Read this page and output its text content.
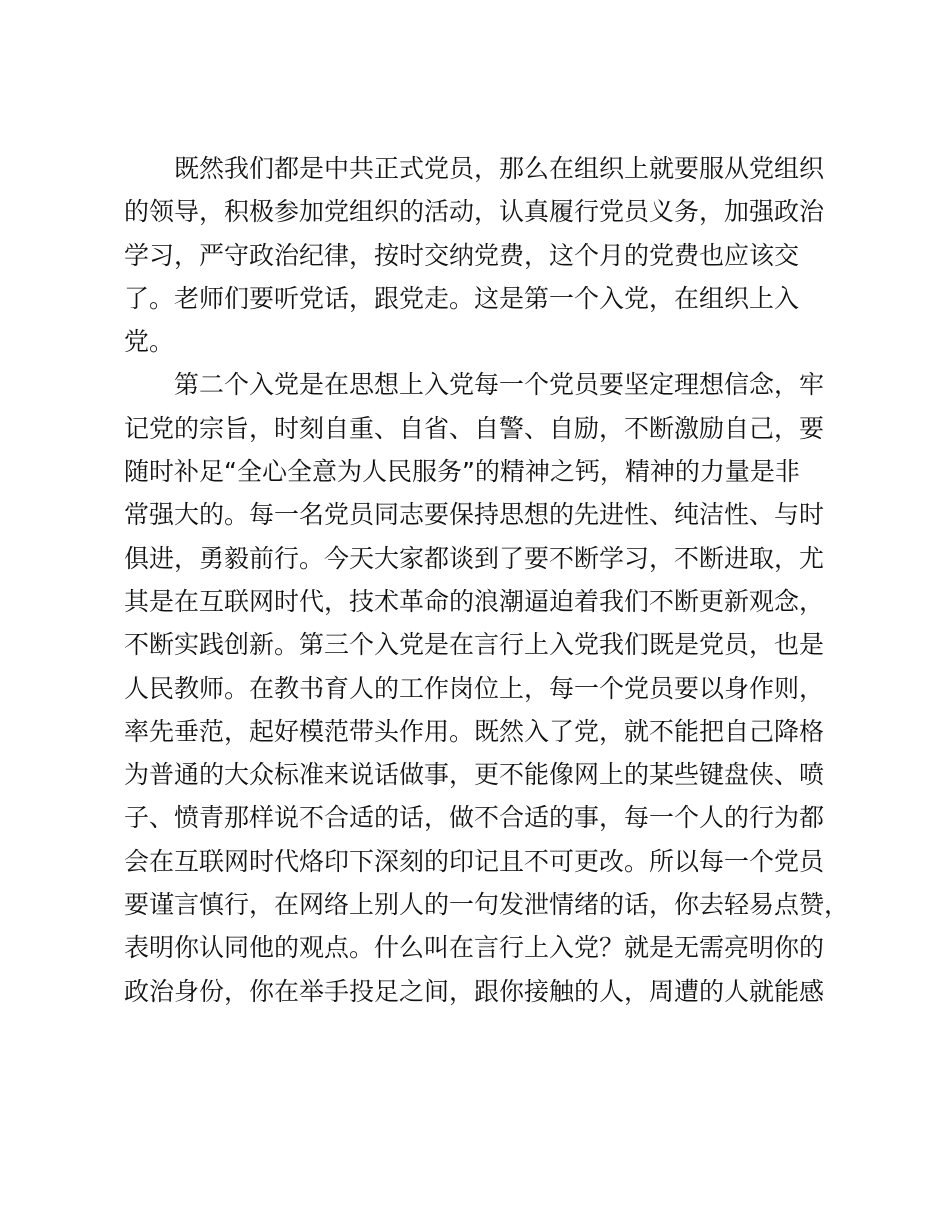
既然我们都是中共正式党员，那么在组织上就要服从党组织
的领导，积极参加党组织的活动，认真履行党员义务，加强政治
学习，严守政治纪律，按时交纳党费，这个月的党费也应该交
了。老师们要听党话，跟党走。这是第一个入党，在组织上入
党。
第二个入党是在思想上入党每一个党员要坚定理想信念，牢
记党的宗旨，时刻自重、自省、自警、自励，不断激励自己，要
随时补足“全心全意为人民服务”的精神之钙，精神的力量是非
常强大的。每一名党员同志要保持思想的先进性、纯洁性、与时
俱进，勇毅前行。今天大家都谈到了要不断学习，不断进取，尤
其是在互联网时代，技术革命的浪潮逼迫着我们不断更新观念，
不断实践创新。第三个入党是在言行上入党我们既是党员，也是
人民教师。在教书育人的工作岗位上，每一个党员要以身作则，
率先垂范，起好模范带头作用。既然入了党，就不能把自己降格
为普通的大众标准来说话做事，更不能像网上的某些键盘侠、喷
子、愤青那样说不合适的话，做不合适的事，每一个人的行为都
会在互联网时代烙印下深刻的印记且不可更改。所以每一个党员
要谨言慎行，在网络上别人的一句发泄情绪的话，你去轻易点赞，
表明你认同他的观点。什么叫在言行上入党？就是无需亮明你的
政治身份，你在举手投足之间，跟你接触的人，周遭的人就能感
